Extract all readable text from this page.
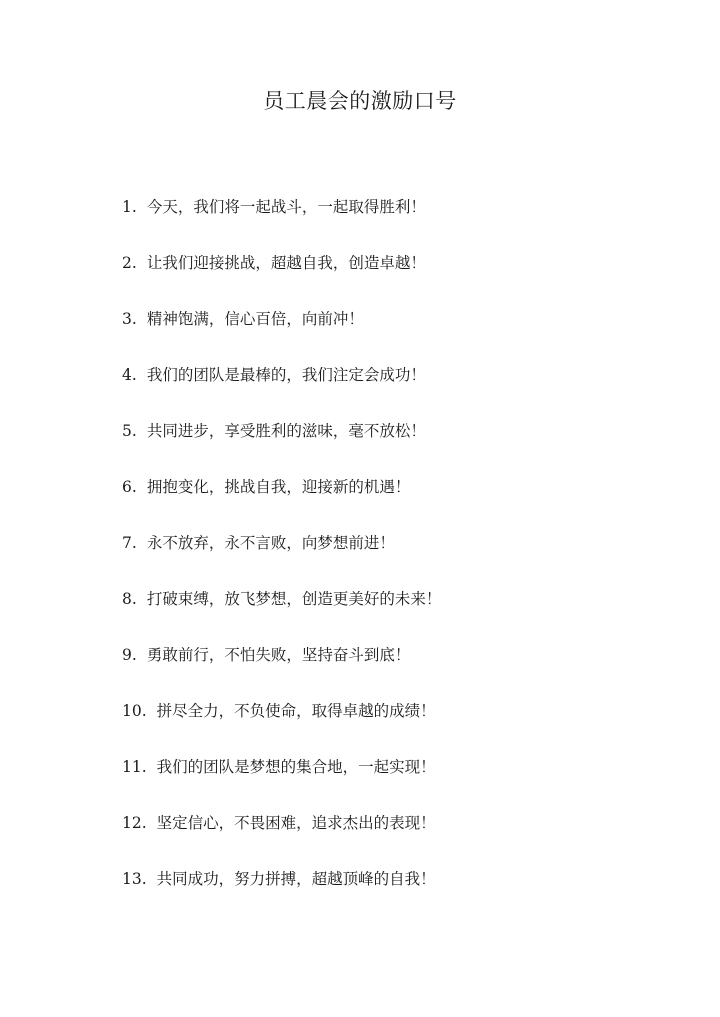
员工晨会的激励口号
1 . 今天，我们将一起战斗，一起取得胜利！
2 . 让我们迎接挑战，超越自我，创造卓越！
3 . 精神饱满，信心百倍，向前冲！
4 . 我们的团队是最棒的，我们注定会成功！
5 . 共同进步，享受胜利的滋味，毫不放松！
6 . 拥抱变化，挑战自我，迎接新的机遇！
7 . 永不放弃，永不言败，向梦想前进！
8 . 打破束缚，放飞梦想，创造更美好的未来！
9 . 勇敢前行，不怕失败，坚持奋斗到底！
10 . 拼尽全力，不负使命，取得卓越的成绩！
11 . 我们的团队是梦想的集合地，一起实现！
12 . 坚定信心，不畏困难，追求杰出的表现！
13 . 共同成功，努力拼搏，超越顶峰的自我！
